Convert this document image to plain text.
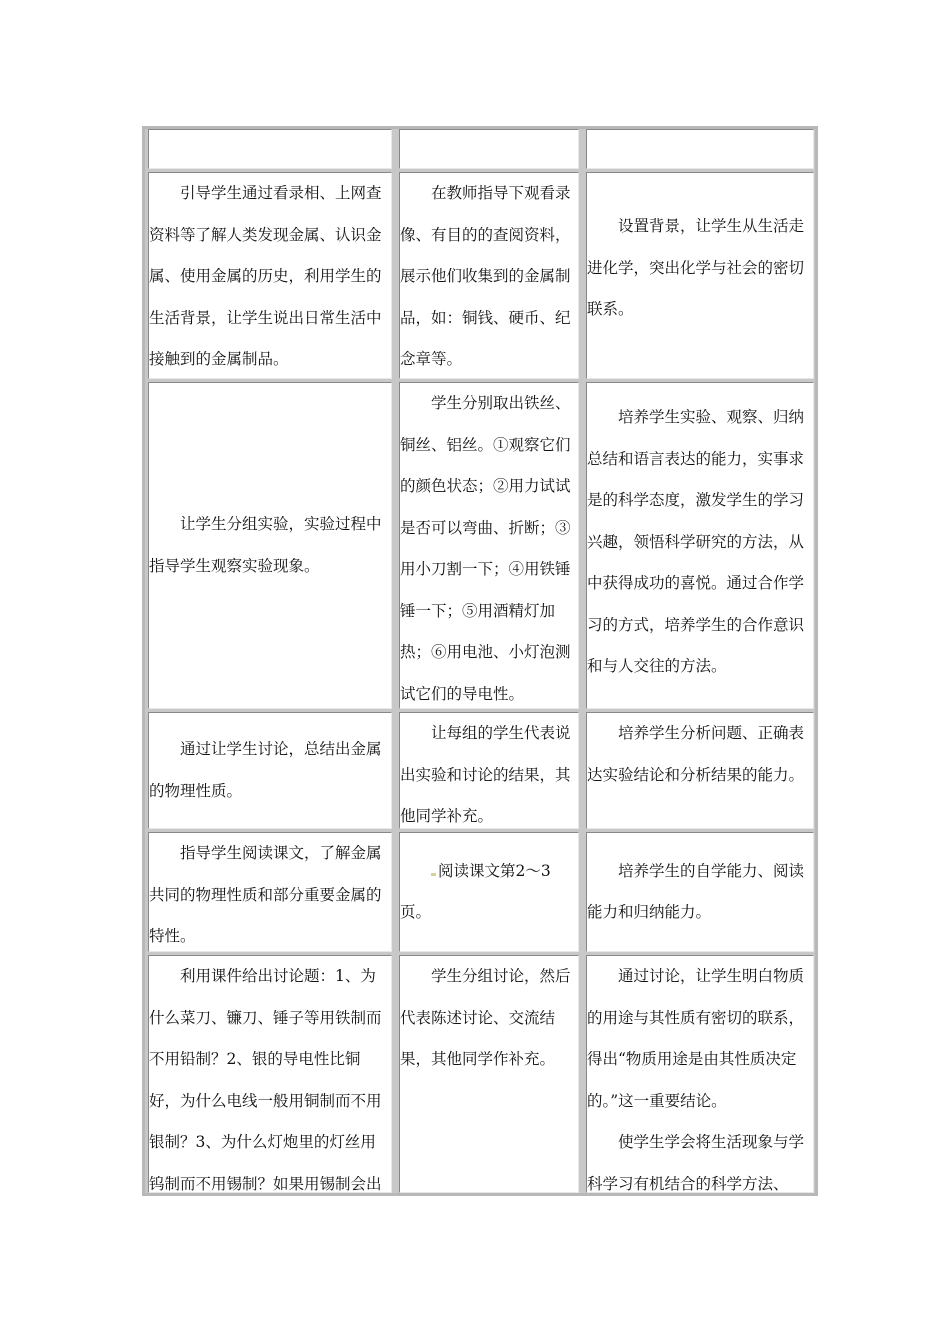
引导学生通过看录相、上网查资料等了解人类发现金属、认识金属、使用金属的历史，利用学生的生活背景，让学生说出日常生活中接触到的金属制品。

在教师指导下观看录像、有目的的查阅资料，展示他们收集到的金属制品，如：铜钱、硬币、纪念章等。

设置背景，让学生从生活走进化学，突出化学与社会的密切联系。

让学生分组实验，实验过程中指导学生观察实验现象。

学生分别取出铁丝、铜丝、铝丝。①观察它们的颜色状态；②用力试试是否可以弯曲、折断；③用小刀割一下；④用铁锤锤一下；⑤用酒精灯加热；⑥用电池、小灯泡测试它们的导电性。

培养学生实验、观察、归纳总结和语言表达的能力，实事求是的科学态度，激发学生的学习兴趣，领悟科学研究的方法，从中获得成功的喜悦。通过合作学习的方式，培养学生的合作意识和与人交往的方法。

通过让学生讨论，总结出金属的物理性质。

让每组的学生代表说出实验和讨论的结果，其他同学补充。

培养学生分析问题、正确表达实验结论和分析结果的能力。

指导学生阅读课文，了解金属共同的物理性质和部分重要金属的特性。

阅读课文第2～3页。

培养学生的自学能力、阅读能力和归纳能力。

利用课件给出讨论题：1、为什么菜刀、镰刀、锤子等用铁制而不用铅制？2、银的导电性比铜好，为什么电线一般用铜制而不用银制？3、为什么灯炮里的灯丝用钨制而不用锡制？如果用锡制会出

学生分组讨论，然后代表陈述讨论、交流结果，其他同学作补充。

通过讨论，让学生明白物质的用途与其性质有密切的联系，得出“物质用途是由其性质决定的。”这一重要结论。

使学生学会将生活现象与学科学习有机结合的科学方法、
